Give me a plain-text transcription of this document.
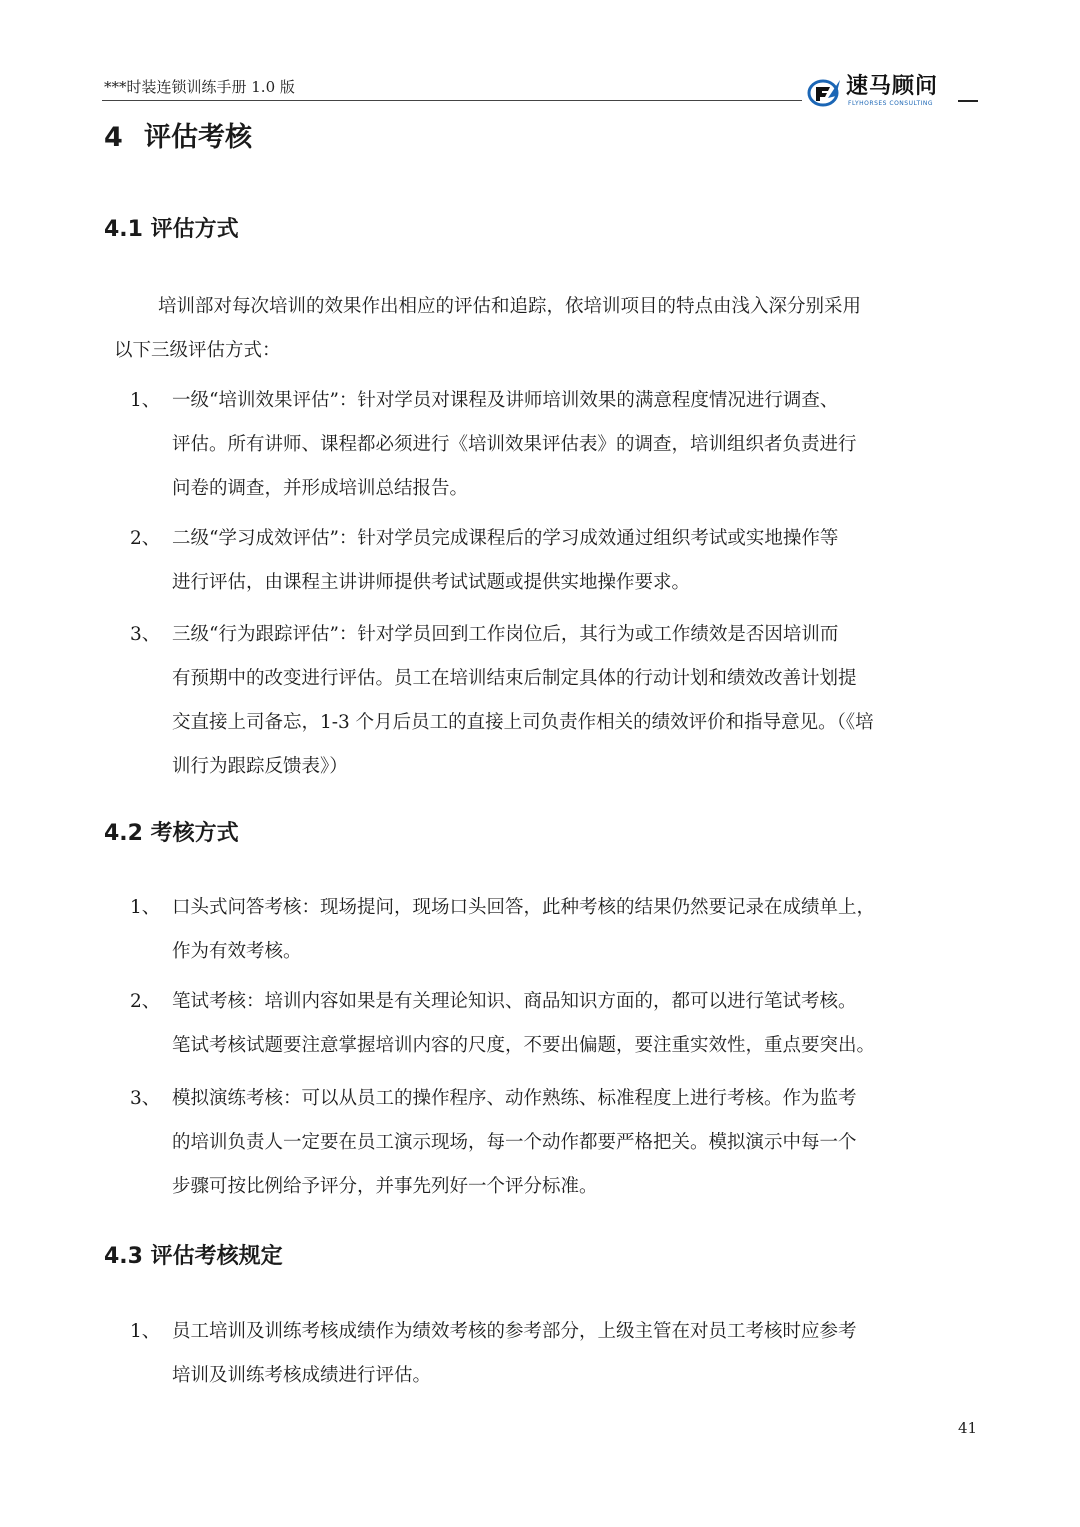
***时装连锁训练手册 1.0 版	速马顾问
FLYHORSES CONSULTING
4 评估考核
4.1 评估方式
培训部对每次培训的效果作出相应的评估和追踪，依培训项目的特点由浅入深分别采用
以下三级评估方式：
1、 一级“培训效果评估”：针对学员对课程及讲师培训效果的满意程度情况进行调查、
评估。所有讲师、课程都必须进行《培训效果评估表》的调查，培训组织者负责进行
问卷的调查，并形成培训总结报告。
2、 二级“学习成效评估”：针对学员完成课程后的学习成效通过组织考试或实地操作等
进行评估，由课程主讲讲师提供考试试题或提供实地操作要求。
3、 三级“行为跟踪评估”：针对学员回到工作岗位后，其行为或工作绩效是否因培训而
有预期中的改变进行评估。员工在培训结束后制定具体的行动计划和绩效改善计划提
交直接上司备忘，1-3 个月后员工的直接上司负责作相关的绩效评价和指导意见。（《培
训行为跟踪反馈表》）
4.2 考核方式
1、 口头式问答考核：现场提问，现场口头回答，此种考核的结果仍然要记录在成绩单上，
作为有效考核。
2、 笔试考核：培训内容如果是有关理论知识、商品知识方面的，都可以进行笔试考核。
笔试考核试题要注意掌握培训内容的尺度，不要出偏题，要注重实效性，重点要突出。
3、 模拟演练考核：可以从员工的操作程序、动作熟练、标准程度上进行考核。作为监考
的培训负责人一定要在员工演示现场，每一个动作都要严格把关。模拟演示中每一个
步骤可按比例给予评分，并事先列好一个评分标准。
4.3 评估考核规定
1、 员工培训及训练考核成绩作为绩效考核的参考部分，上级主管在对员工考核时应参考
培训及训练考核成绩进行评估。
41
